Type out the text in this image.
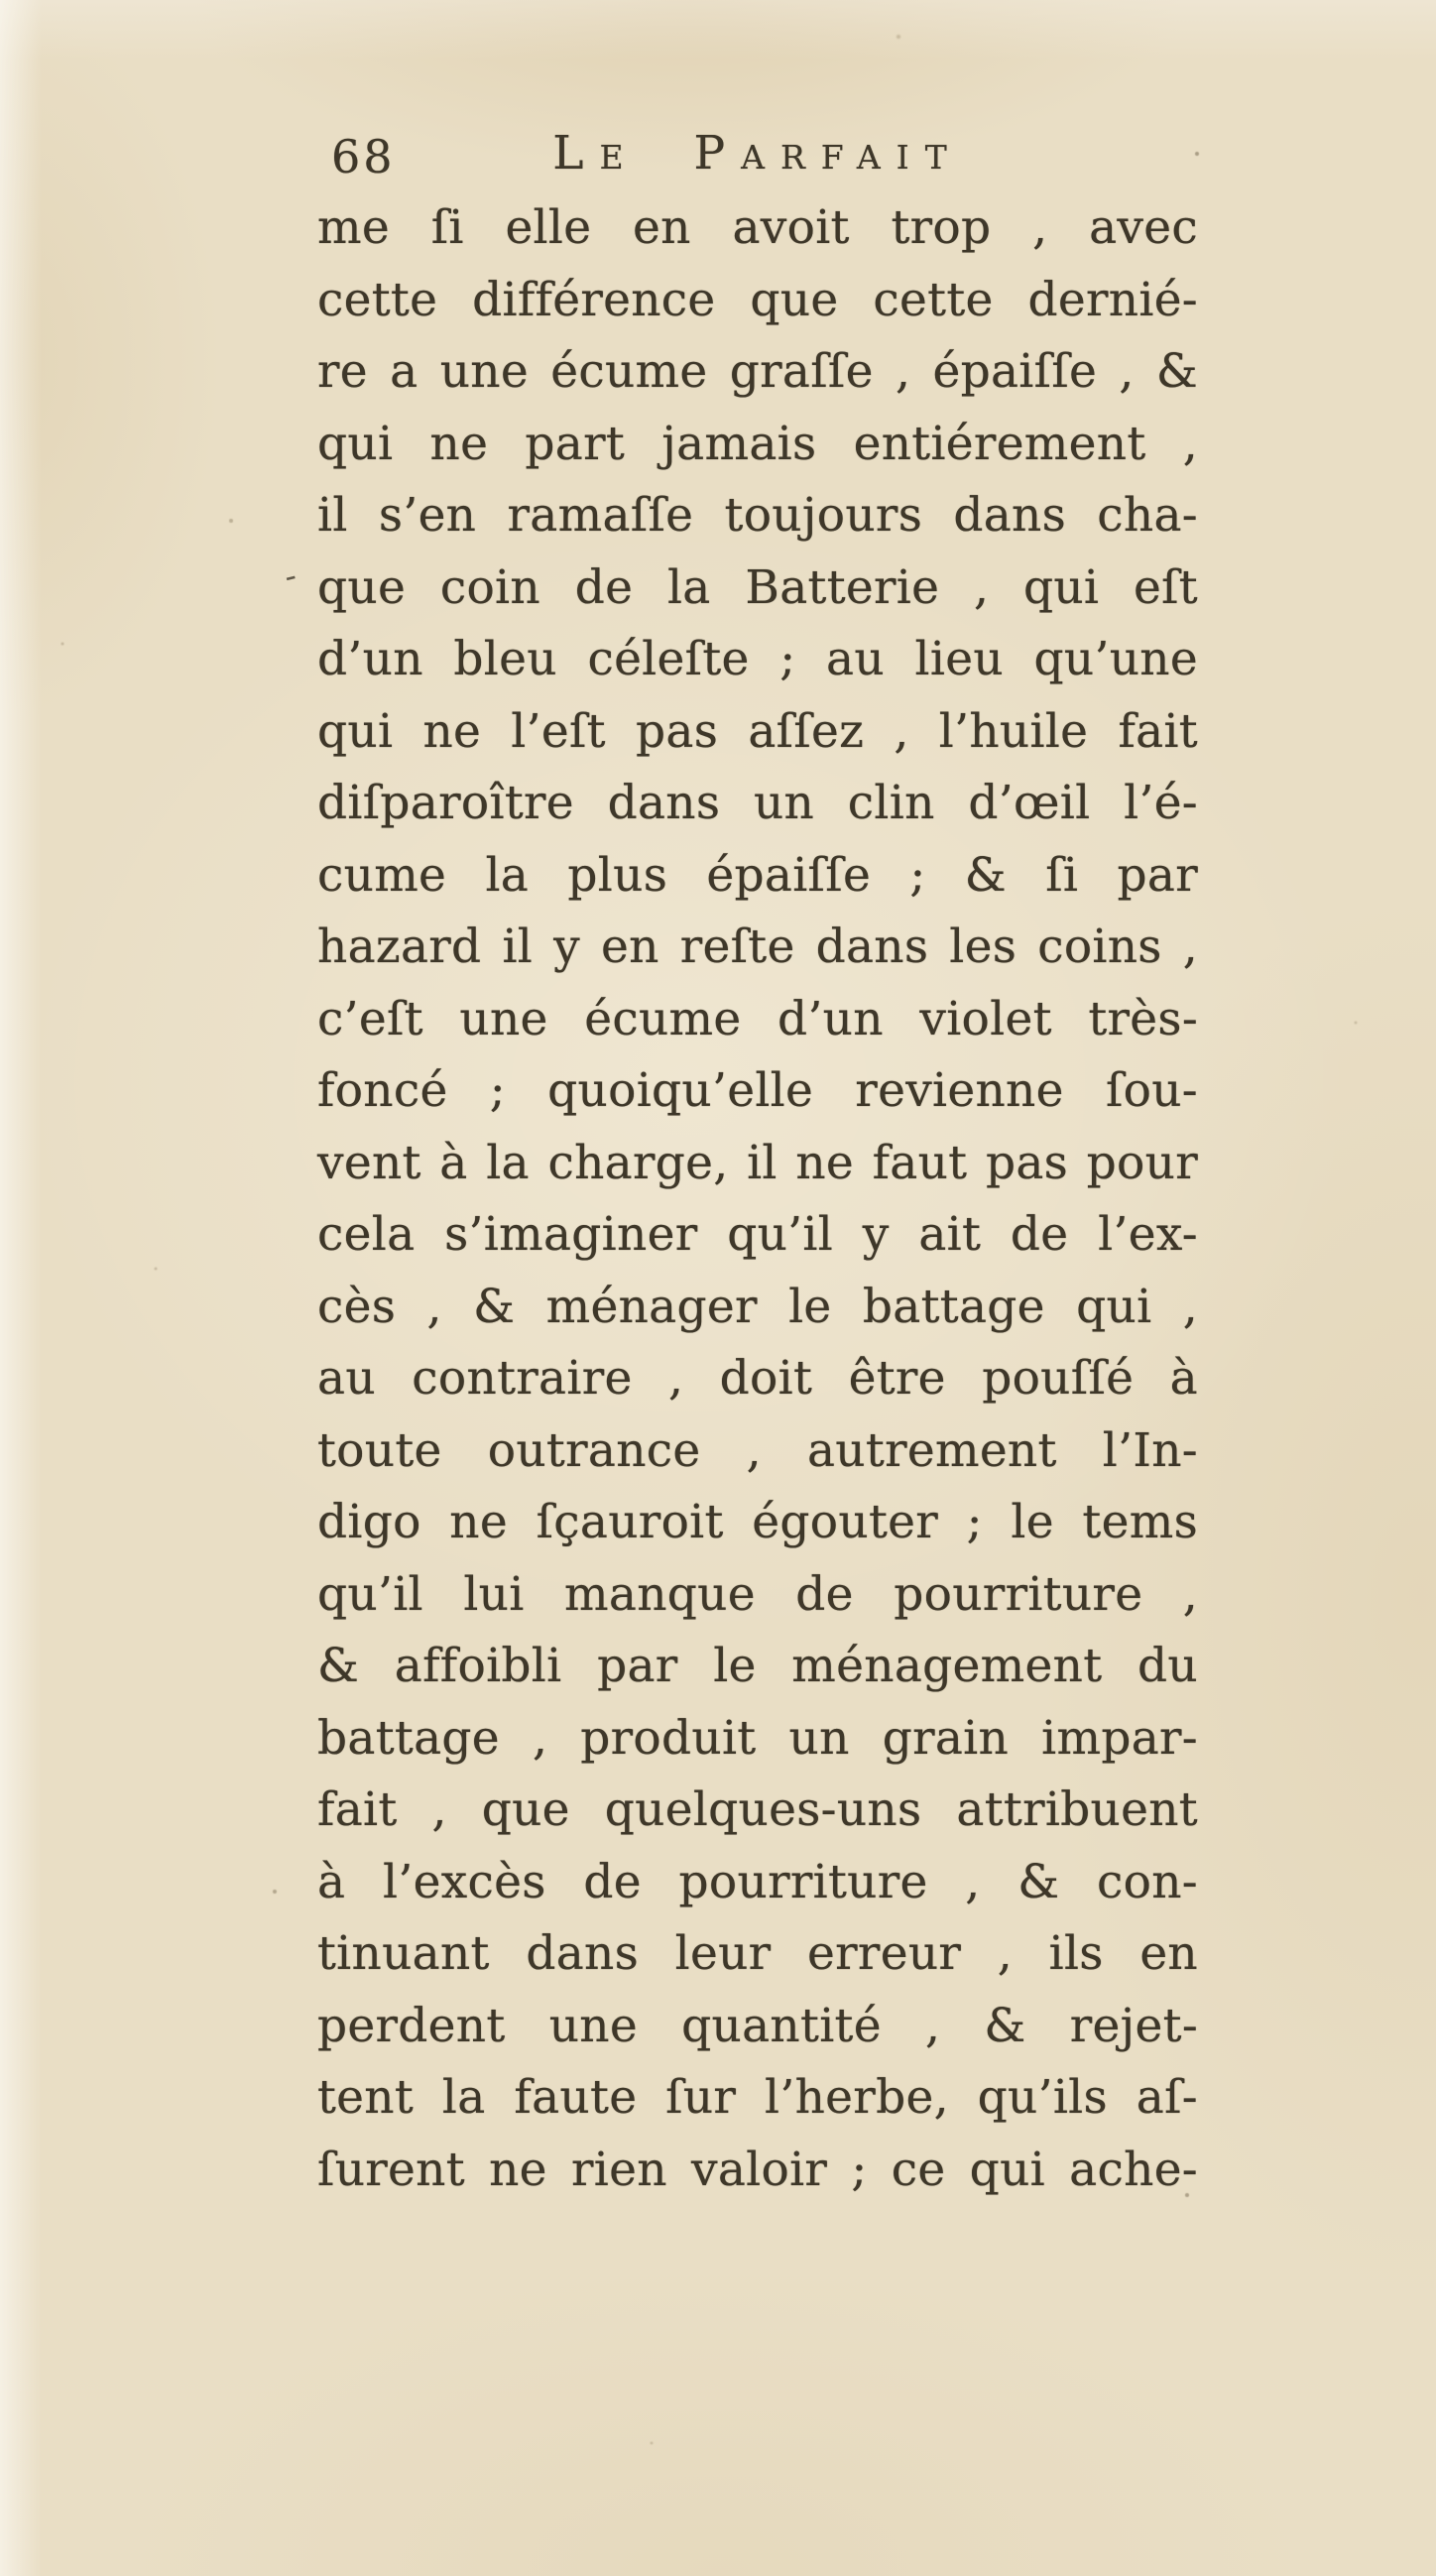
68	Le Parfait
-
me ſi elle en avoit trop , avec
cette différence que cette dernié-
re a une écume graſſe , épaiſſe , &
qui ne part jamais entiérement ,
il s’en ramaſſe toujours dans cha-
que coin de la Batterie , qui eſt
d’un bleu céleſte ; au lieu qu’une
qui ne l’eſt pas aſſez , l’huile fait
diſparoître dans un clin d’œil l’é-
cume la plus épaiſſe ; & ſi par
hazard il y en reſte dans les coins ,
c’eſt une écume d’un violet très-
foncé ; quoiqu’elle revienne ſou-
vent à la charge, il ne faut pas pour
cela s’imaginer qu’il y ait de l’ex-
cès , & ménager le battage qui ,
au contraire , doit être pouſſé à
toute outrance , autrement l’In-
digo ne ſçauroit égouter ; le tems
qu’il lui manque de pourriture ,
& affoibli par le ménagement du
battage , produit un grain impar-
fait , que quelques-uns attribuent
à l’excès de pourriture , & con-
tinuant dans leur erreur , ils en
perdent une quantité , & rejet-
tent la faute ſur l’herbe, qu’ils aſ-
ſurent ne rien valoir ; ce qui ache-
